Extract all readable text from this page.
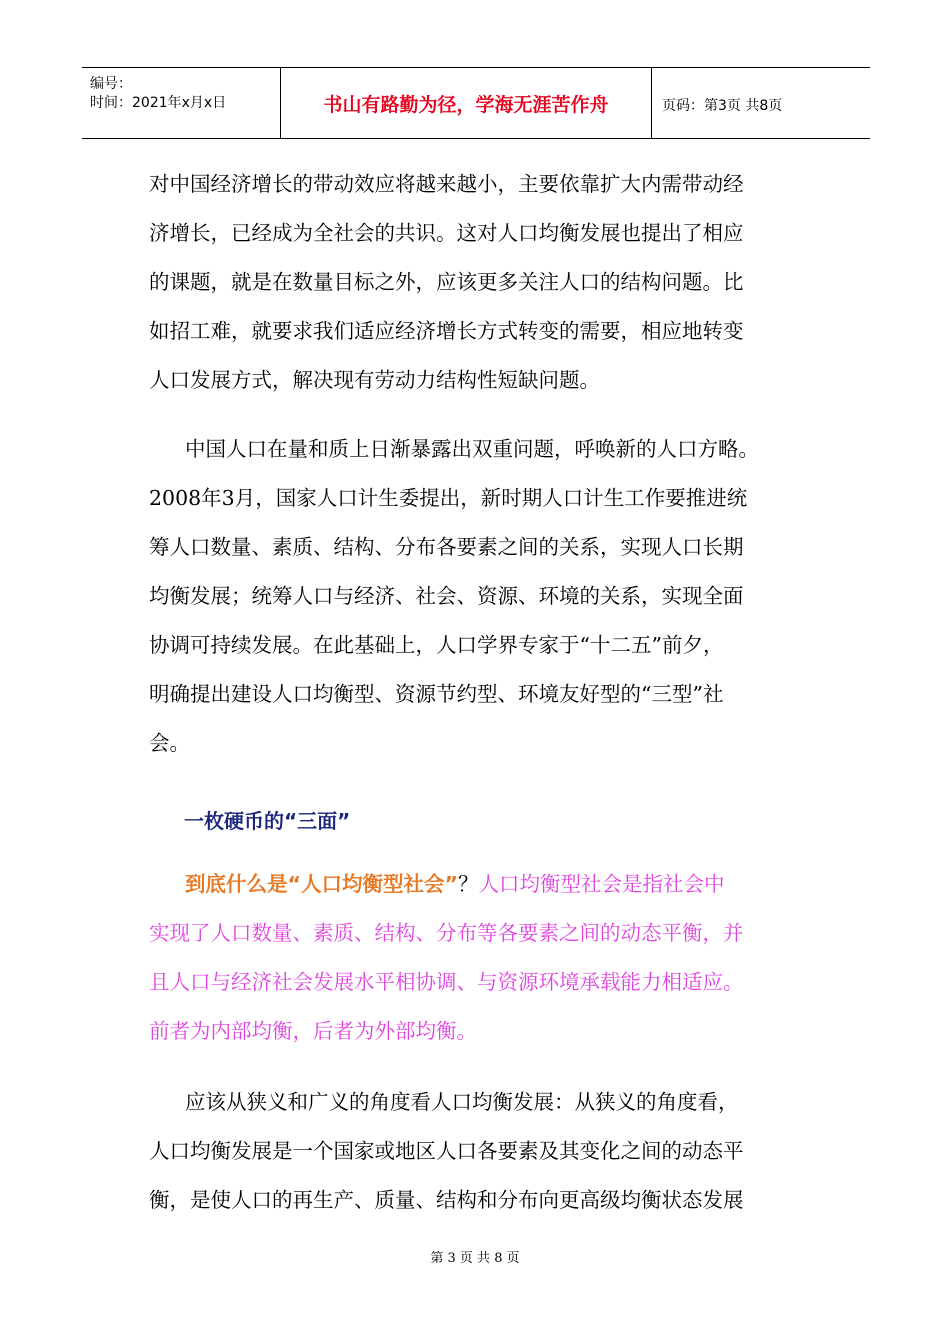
编号：
时间：2021年x月x日	书山有路勤为径，学海无涯苦作舟	页码：第3页 共8页
对中国经济增长的带动效应将越来越小，主要依靠扩大内需带动经
济增长，已经成为全社会的共识。这对人口均衡发展也提出了相应
的课题，就是在数量目标之外，应该更多关注人口的结构问题。比
如招工难，就要求我们适应经济增长方式转变的需要，相应地转变
人口发展方式，解决现有劳动力结构性短缺问题。
中国人口在量和质上日渐暴露出双重问题，呼唤新的人口方略。
2008年3月，国家人口计生委提出，新时期人口计生工作要推进统
筹人口数量、素质、结构、分布各要素之间的关系，实现人口长期
均衡发展；统筹人口与经济、社会、资源、环境的关系，实现全面
协调可持续发展。在此基础上，人口学界专家于“十二五”前夕，
明确提出建设人口均衡型、资源节约型、环境友好型的“三型”社
会。
一枚硬币的“三面”
到底什么是“人口均衡型社会”？人口均衡型社会是指社会中
实现了人口数量、素质、结构、分布等各要素之间的动态平衡，并
且人口与经济社会发展水平相协调、与资源环境承载能力相适应。
前者为内部均衡，后者为外部均衡。
应该从狭义和广义的角度看人口均衡发展：从狭义的角度看，
人口均衡发展是一个国家或地区人口各要素及其变化之间的动态平
衡，是使人口的再生产、质量、结构和分布向更高级均衡状态发展
第 3 页 共 8 页
